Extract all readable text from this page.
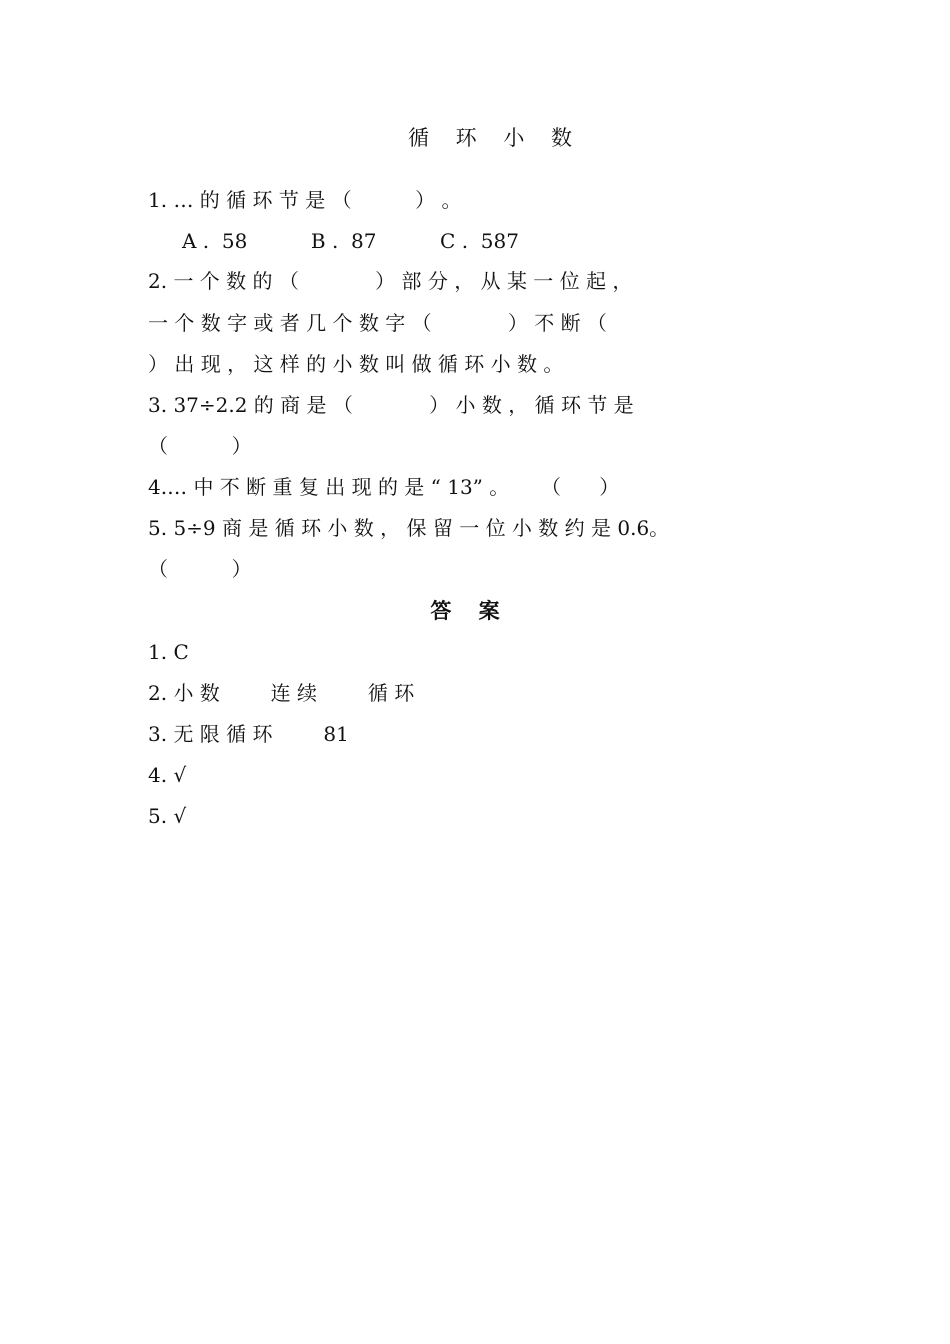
循 环 小 数
1. … 的 循 环 节 是 （          ） 。
A .  58          B .  87          C .  587
2. 一 个 数 的 （            ） 部 分 ， 从 某 一 位 起 ，
一 个 数 字 或 者 几 个 数 字 （            ） 不 断 （
） 出 现 ， 这 样 的 小 数 叫 做 循 环 小 数 。
3. 37÷2.2 的 商 是 （            ） 小 数 ， 循 环 节 是
（          ）
4.… 中 不 断 重 复 出 现 的 是 “ 13” 。     （      ）
5. 5÷9 商 是 循 环 小 数 ， 保 留 一 位 小 数 约 是 0.6。
（          ）
答 案
1. C
2. 小 数        连 续        循 环
3. 无 限 循 环        81
4. √
5. √
